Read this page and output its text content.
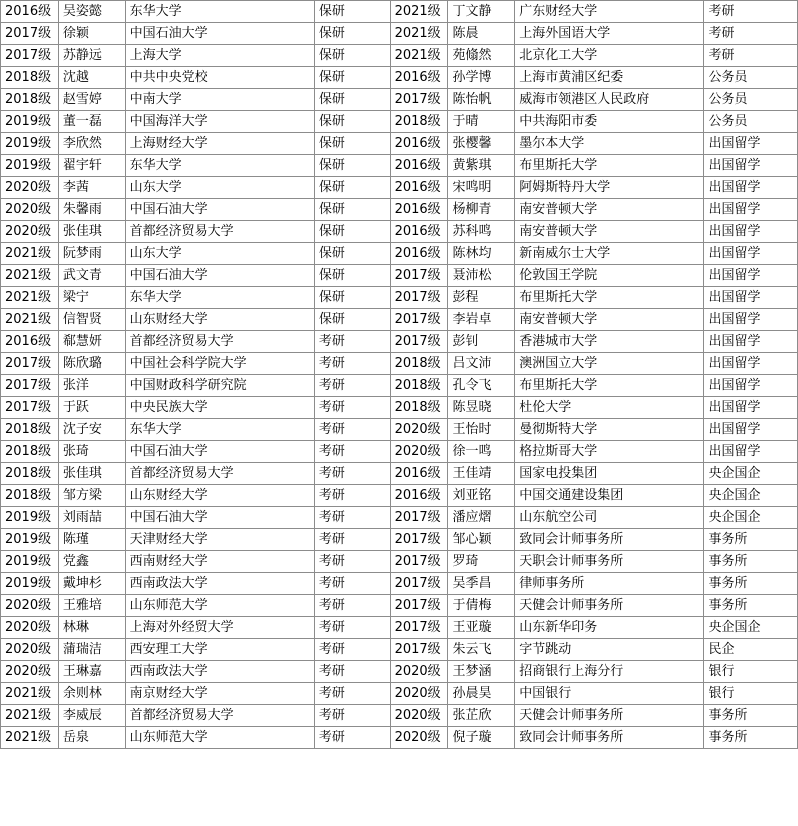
2016级	吴姿懿	东华大学	保研	2021级	丁文静	广东财经大学	考研
2017级	徐颖	中国石油大学	保研	2021级	陈晨	上海外国语大学	考研
2017级	苏静远	上海大学	保研	2021级	苑翛然	北京化工大学	考研
2018级	沈越	中共中央党校	保研	2016级	孙学博	上海市黄浦区纪委	公务员
2018级	赵雪婷	中南大学	保研	2017级	陈怡帆	威海市领港区人民政府	公务员
2019级	董一磊	中国海洋大学	保研	2018级	于晴	中共海阳市委	公务员
2019级	李欣然	上海财经大学	保研	2016级	张樱馨	墨尔本大学	出国留学
2019级	翟宇轩	东华大学	保研	2016级	黄紫琪	布里斯托大学	出国留学
2020级	李茜	山东大学	保研	2016级	宋鸣明	阿姆斯特丹大学	出国留学
2020级	朱馨雨	中国石油大学	保研	2016级	杨柳青	南安普顿大学	出国留学
2020级	张佳琪	首都经济贸易大学	保研	2016级	苏科鸣	南安普顿大学	出国留学
2021级	阮梦雨	山东大学	保研	2016级	陈林均	新南威尔士大学	出国留学
2021级	武文青	中国石油大学	保研	2017级	聂沛松	伦敦国王学院	出国留学
2021级	梁宁	东华大学	保研	2017级	彭程	布里斯托大学	出国留学
2021级	信智贤	山东财经大学	保研	2017级	李岩卓	南安普顿大学	出国留学
2016级	郗慧妍	首都经济贸易大学	考研	2017级	彭钊	香港城市大学	出国留学
2017级	陈欣璐	中国社会科学院大学	考研	2018级	吕文沛	澳洲国立大学	出国留学
2017级	张洋	中国财政科学研究院	考研	2018级	孔令飞	布里斯托大学	出国留学
2017级	于跃	中央民族大学	考研	2018级	陈昱晓	杜伦大学	出国留学
2018级	沈子安	东华大学	考研	2020级	王怡时	曼彻斯特大学	出国留学
2018级	张琦	中国石油大学	考研	2020级	徐一鸣	格拉斯哥大学	出国留学
2018级	张佳琪	首都经济贸易大学	考研	2016级	王佳靖	国家电投集团	央企国企
2018级	邹方梁	山东财经大学	考研	2016级	刘亚铭	中国交通建设集团	央企国企
2019级	刘雨喆	中国石油大学	考研	2017级	潘应熠	山东航空公司	央企国企
2019级	陈瑾	天津财经大学	考研	2017级	邹心颖	致同会计师事务所	事务所
2019级	党鑫	西南财经大学	考研	2017级	罗琦	天职会计师事务所	事务所
2019级	戴坤杉	西南政法大学	考研	2017级	吴季昌	律师事务所	事务所
2020级	王雅培	山东师范大学	考研	2017级	于倩梅	天健会计师事务所	事务所
2020级	林琳	上海对外经贸大学	考研	2017级	王亚璇	山东新华印务	央企国企
2020级	蒲瑞洁	西安理工大学	考研	2017级	朱云飞	字节跳动	民企
2020级	王琳嘉	西南政法大学	考研	2020级	王梦涵	招商银行上海分行	银行
2021级	余则林	南京财经大学	考研	2020级	孙晨昊	中国银行	银行
2021级	李威辰	首都经济贸易大学	考研	2020级	张芷欣	天健会计师事务所	事务所
2021级	岳泉	山东师范大学	考研	2020级	倪子璇	致同会计师事务所	事务所
